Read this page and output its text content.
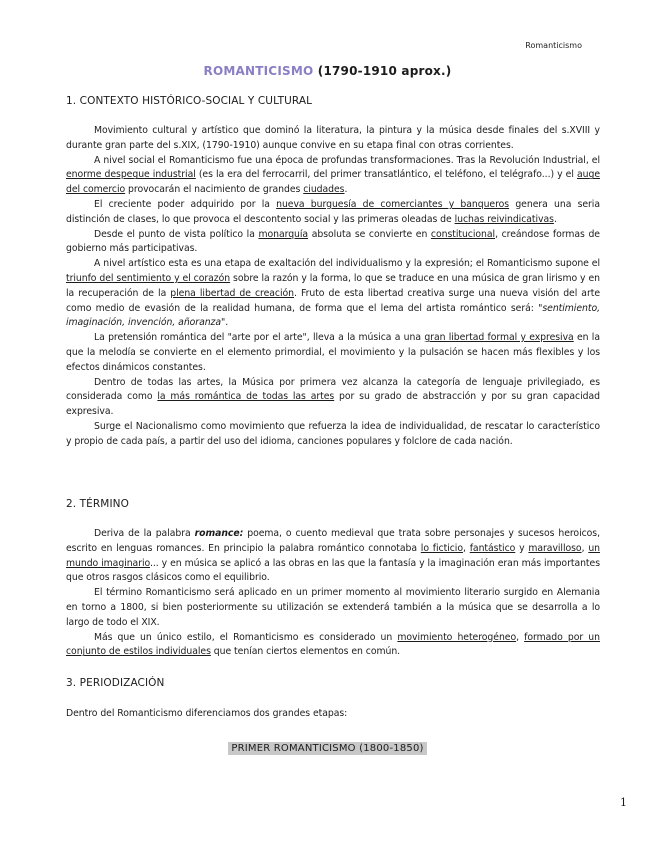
Romanticismo
ROMANTICISMO (1790-1910 aprox.)
1. CONTEXTO HISTÓRICO-SOCIAL Y CULTURAL

Movimiento cultural y artístico que dominó la literatura, la pintura y la música desde finales del s.XVIII y durante gran parte del s.XIX, (1790-1910) aunque convive en su etapa final con otras corrientes.

A nivel social el Romanticismo fue una época de profundas transformaciones. Tras la Revolución Industrial, el enorme despegue industrial (es la era del ferrocarril, del primer transatlántico, el teléfono, el telégrafo...) y el auge del comercio provocarán el nacimiento de grandes ciudades.

El creciente poder adquirido por la nueva burguesía de comerciantes y banqueros genera una seria distinción de clases, lo que provoca el descontento social y las primeras oleadas de luchas reivindicativas.

Desde el punto de vista político la monarquía absoluta se convierte en constitucional, creándose formas de gobierno más participativas.

A nivel artístico esta es una etapa de exaltación del individualismo y la expresión; el Romanticismo supone el triunfo del sentimiento y el corazón sobre la razón y la forma, lo que se traduce en una música de gran lirismo y en la recuperación de la plena libertad de creación. Fruto de esta libertad creativa surge una nueva visión del arte como medio de evasión de la realidad humana, de forma que el lema del artista romántico será: "sentimiento, imaginación, invención, añoranza".

La pretensión romántica del "arte por el arte", lleva a la música a una gran libertad formal y expresiva en la que la melodía se convierte en el elemento primordial, el movimiento y la pulsación se hacen más flexibles y los efectos dinámicos constantes.

Dentro de todas las artes, la Música por primera vez alcanza la categoría de lenguaje privilegiado, es considerada como la más romántica de todas las artes por su grado de abstracción y por su gran capacidad expresiva.

Surge el Nacionalismo como movimiento que refuerza la idea de individualidad, de rescatar lo característico y propio de cada país, a partir del uso del idioma, canciones populares y folclore de cada nación.

2. TÉRMINO

Deriva de la palabra romance: poema, o cuento medieval que trata sobre personajes y sucesos heroicos, escrito en lenguas romances. En principio la palabra romántico connotaba lo ficticio, fantástico y maravilloso, un mundo imaginario... y en música se aplicó a las obras en las que la fantasía y la imaginación eran más importantes que otros rasgos clásicos como el equilibrio.

El término Romanticismo será aplicado en un primer momento al movimiento literario surgido en Alemania en torno a 1800, si bien posteriormente su utilización se extenderá también a la música que se desarrolla a lo largo de todo el XIX.

Más que un único estilo, el Romanticismo es considerado un movimiento heterogéneo, formado por un conjunto de estilos individuales que tenían ciertos elementos en común.

3. PERIODIZACIÓN

Dentro del Romanticismo diferenciamos dos grandes etapas:

PRIMER ROMANTICISMO (1800-1850)
1
